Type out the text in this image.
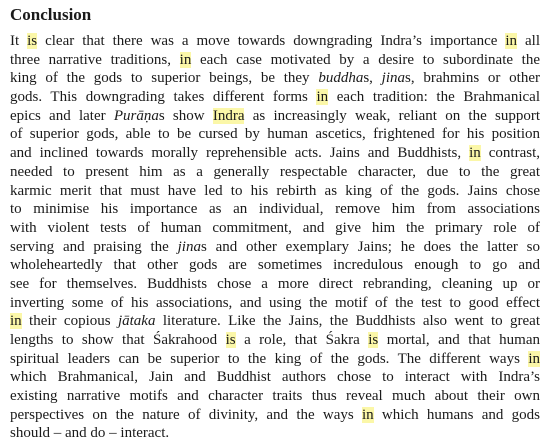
Conclusion
It is clear that there was a move towards downgrading Indra’s importance in all
three narrative traditions, in each case motivated by a desire to subordinate the
king of the gods to superior beings, be they buddhas, jinas, brahmins or other
gods. This downgrading takes different forms in each tradition: the Brahmanical
epics and later Purāṇas show Indra as increasingly weak, reliant on the support
of superior gods, able to be cursed by human ascetics, frightened for his position
and inclined towards morally reprehensible acts. Jains and Buddhists, in contrast,
needed to present him as a generally respectable character, due to the great
karmic merit that must have led to his rebirth as king of the gods. Jains chose
to minimise his importance as an individual, remove him from associations
with violent tests of human commitment, and give him the primary role of
serving and praising the jinas and other exemplary Jains; he does the latter so
wholeheartedly that other gods are sometimes incredulous enough to go and
see for themselves. Buddhists chose a more direct rebranding, cleaning up or
inverting some of his associations, and using the motif of the test to good effect
in their copious jātaka literature. Like the Jains, the Buddhists also went to great
lengths to show that Śakrahood is a role, that Śakra is mortal, and that human
spiritual leaders can be superior to the king of the gods. The different ways in
which Brahmanical, Jain and Buddhist authors chose to interact with Indra’s
existing narrative motifs and character traits thus reveal much about their own
perspectives on the nature of divinity, and the ways in which humans and gods
should – and do – interact.
